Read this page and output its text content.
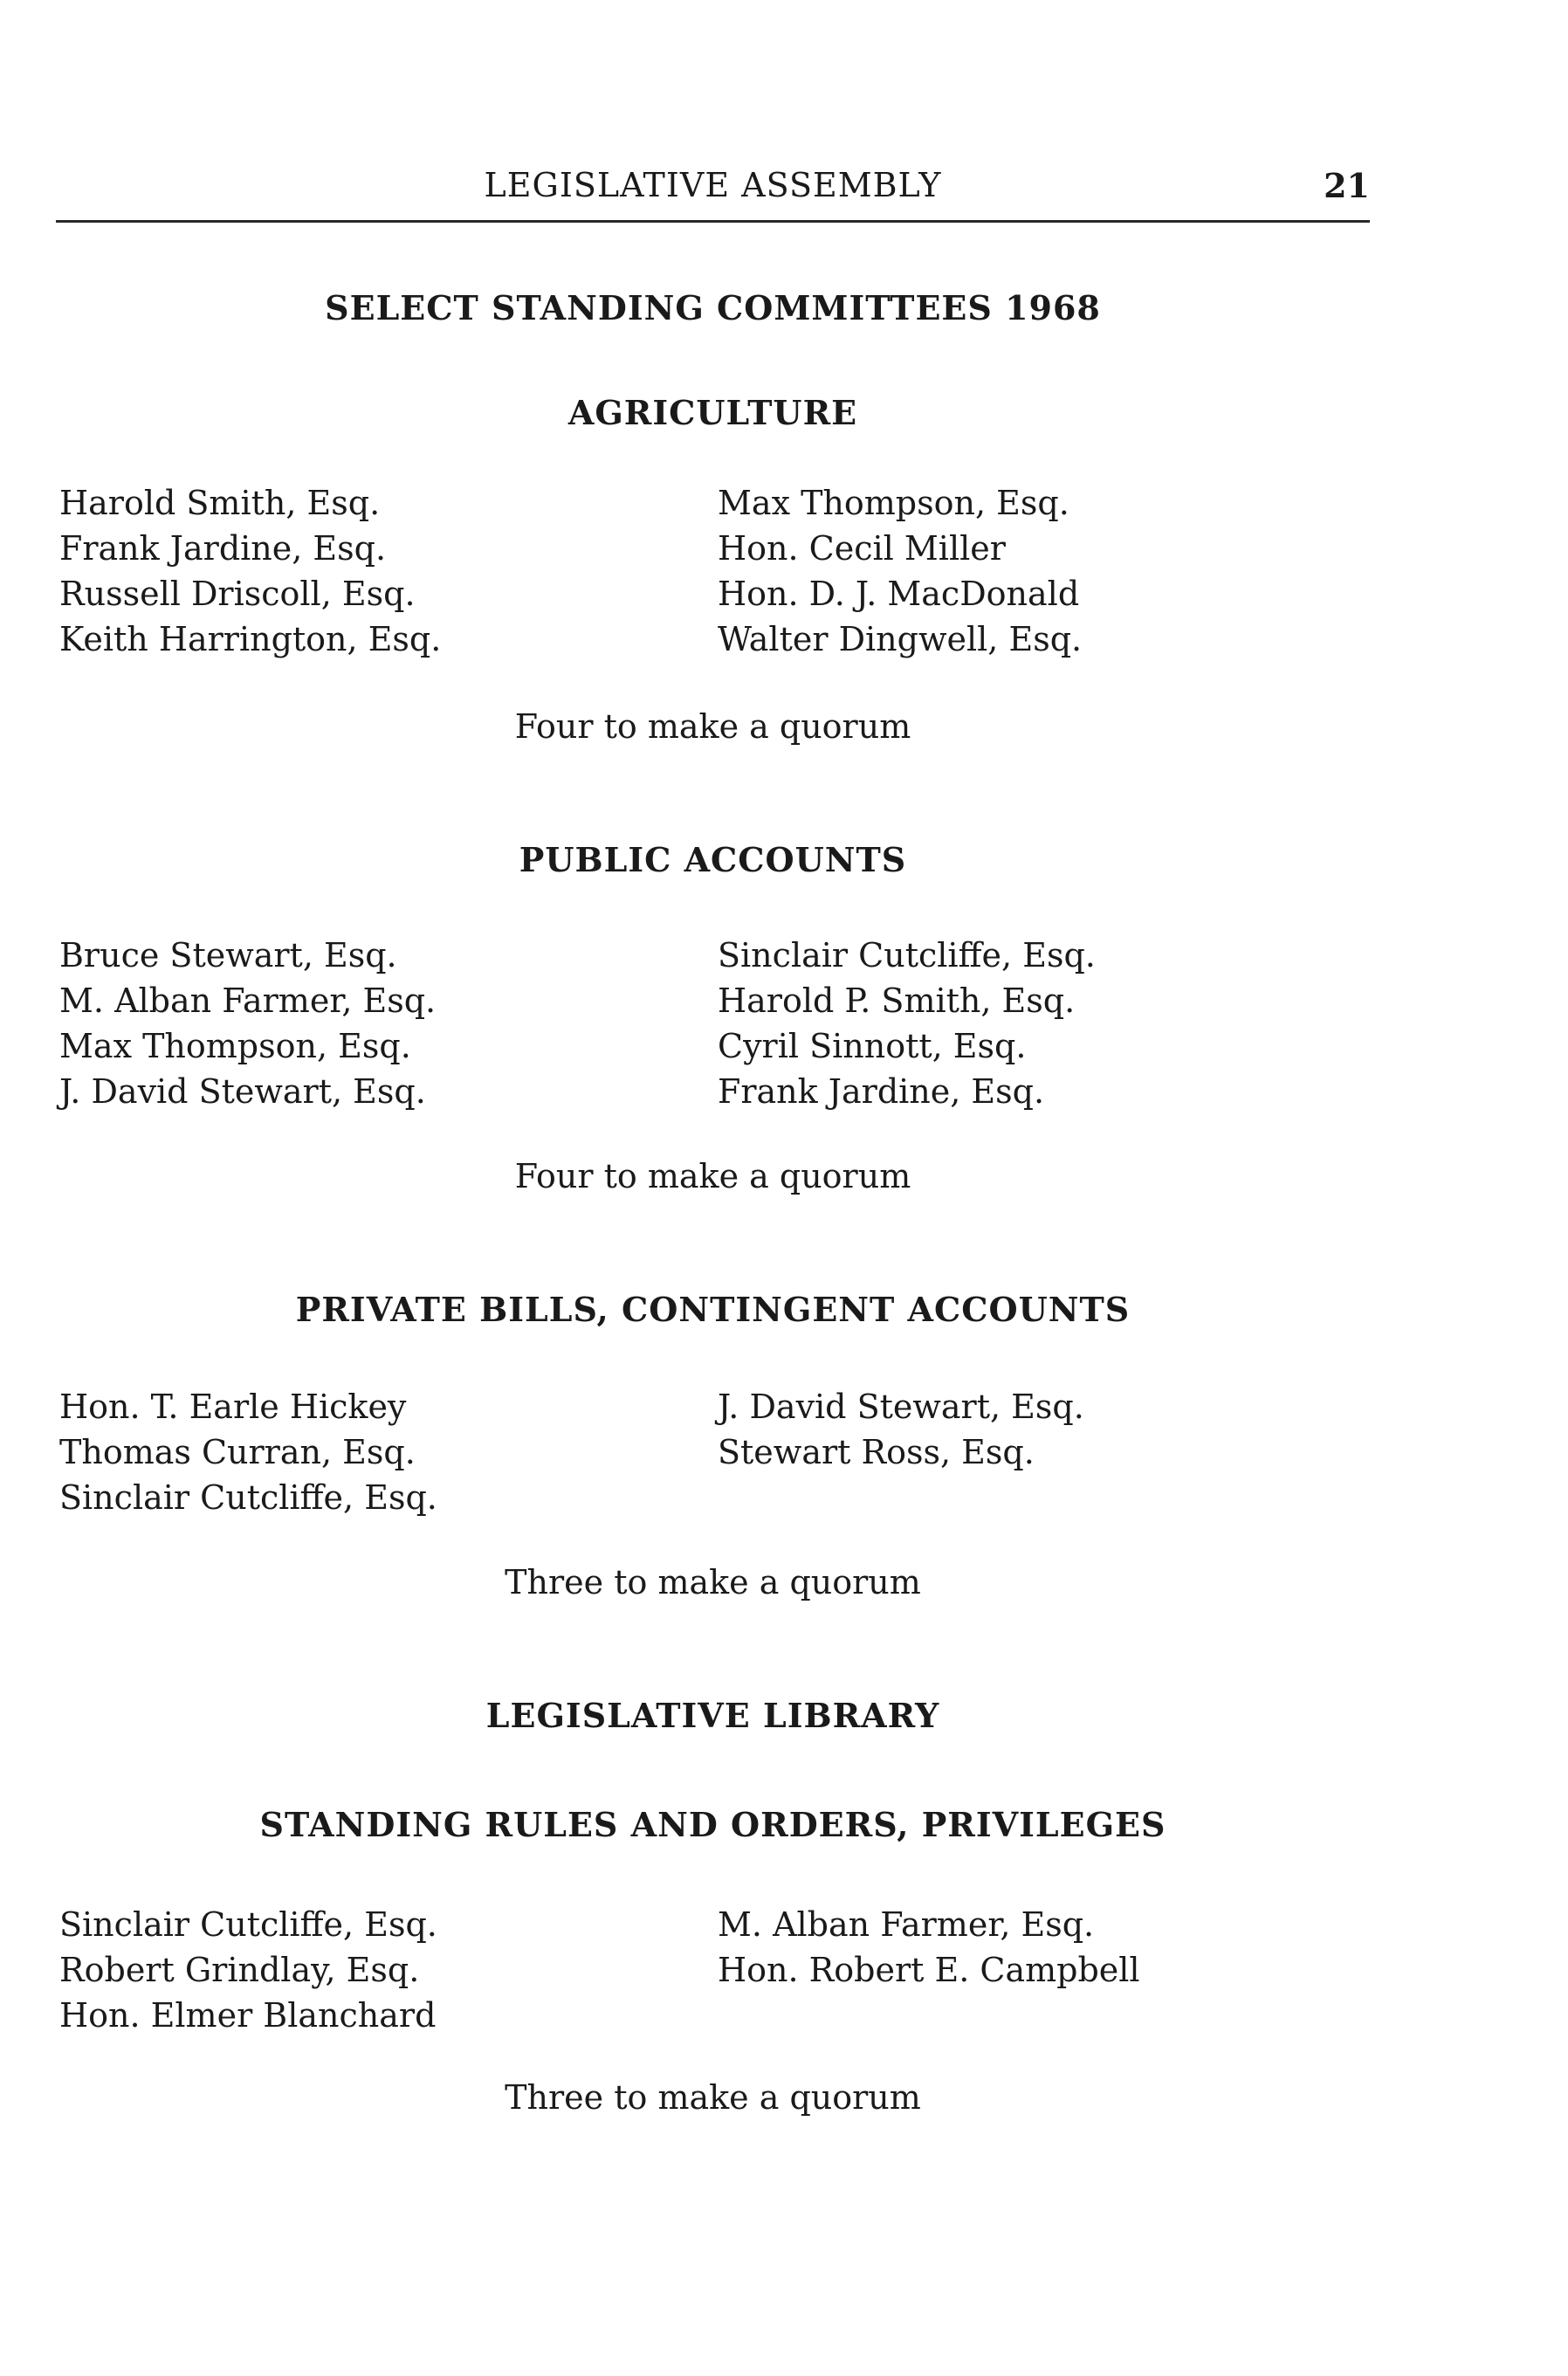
LEGISLATIVE ASSEMBLY	21
SELECT STANDING COMMITTEES 1968
AGRICULTURE
Harold Smith, Esq.
Frank Jardine, Esq.
Russell Driscoll, Esq.
Keith Harrington, Esq.
Max Thompson, Esq.
Hon. Cecil Miller
Hon. D. J. MacDonald
Walter Dingwell, Esq.
Four to make a quorum
PUBLIC ACCOUNTS
Bruce Stewart, Esq.
M. Alban Farmer, Esq.
Max Thompson, Esq.
J. David Stewart, Esq.
Sinclair Cutcliffe, Esq.
Harold P. Smith, Esq.
Cyril Sinnott, Esq.
Frank Jardine, Esq.
Four to make a quorum
PRIVATE BILLS, CONTINGENT ACCOUNTS
Hon. T. Earle Hickey
Thomas Curran, Esq.
Sinclair Cutcliffe, Esq.
J. David Stewart, Esq.
Stewart Ross, Esq.
Three to make a quorum
LEGISLATIVE LIBRARY
STANDING RULES AND ORDERS, PRIVILEGES
Sinclair Cutcliffe, Esq.
Robert Grindlay, Esq.
Hon. Elmer Blanchard
M. Alban Farmer, Esq.
Hon. Robert E. Campbell
Three to make a quorum
